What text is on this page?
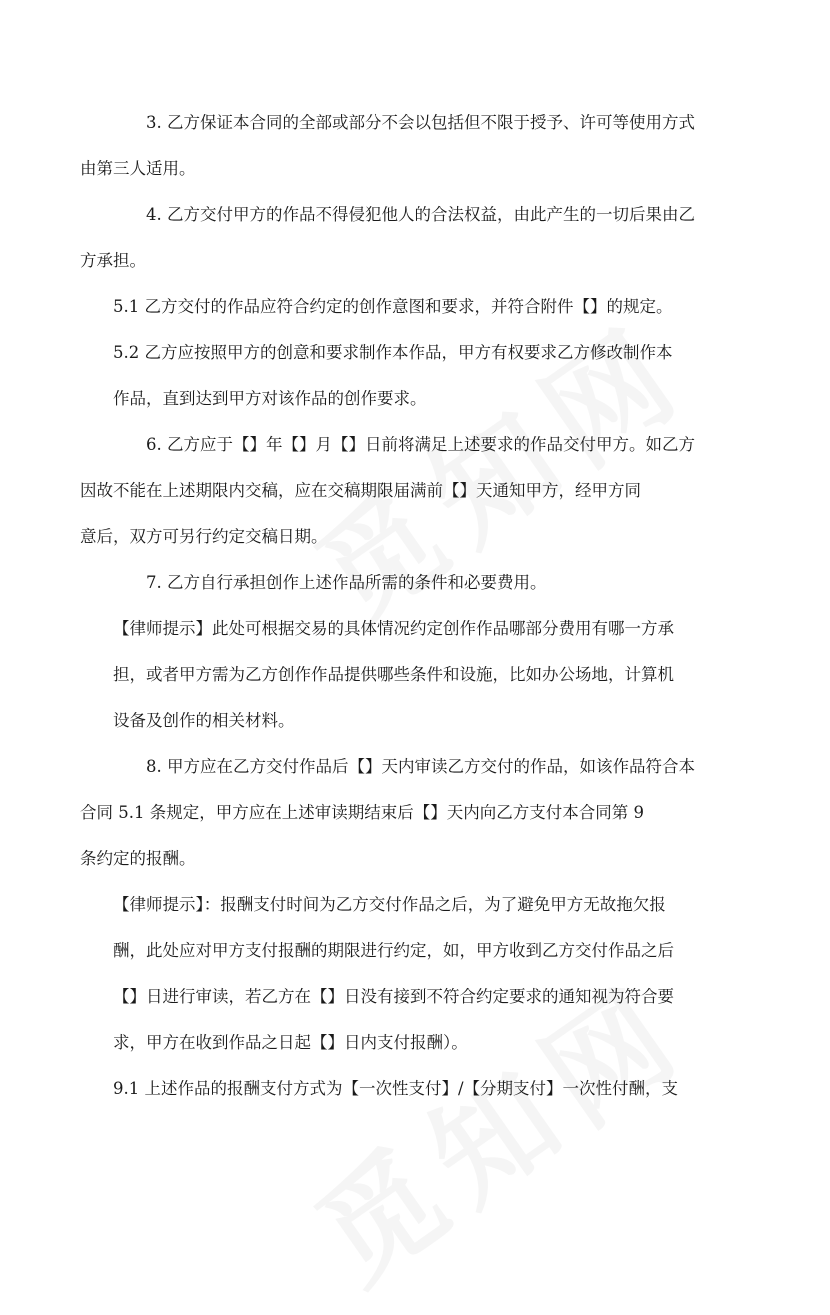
3. 乙方保证本合同的全部或部分不会以包括但不限于授予、许可等使用方式
由第三人适用。

4. 乙方交付甲方的作品不得侵犯他人的合法权益，由此产生的一切后果由乙
方承担。

5.1 乙方交付的作品应符合约定的创作意图和要求，并符合附件【】的规定。

5.2 乙方应按照甲方的创意和要求制作本作品，甲方有权要求乙方修改制作本
作品，直到达到甲方对该作品的创作要求。

6. 乙方应于【】年【】月【】日前将满足上述要求的作品交付甲方。如乙方
因故不能在上述期限内交稿，应在交稿期限届满前【】天通知甲方，经甲方同
意后，双方可另行约定交稿日期。

7. 乙方自行承担创作上述作品所需的条件和必要费用。

【律师提示】此处可根据交易的具体情况约定创作作品哪部分费用有哪一方承
担，或者甲方需为乙方创作作品提供哪些条件和设施，比如办公场地，计算机
设备及创作的相关材料。

8. 甲方应在乙方交付作品后【】天内审读乙方交付的作品，如该作品符合本
合同 5.1 条规定，甲方应在上述审读期结束后【】天内向乙方支付本合同第 9
条约定的报酬。

【律师提示】：报酬支付时间为乙方交付作品之后，为了避免甲方无故拖欠报
酬，此处应对甲方支付报酬的期限进行约定，如，甲方收到乙方交付作品之后
【】日进行审读，若乙方在【】日没有接到不符合约定要求的通知视为符合要
求，甲方在收到作品之日起【】日内支付报酬）。

9.1 上述作品的报酬支付方式为【一次性支付】/【分期支付】一次性付酬，支
